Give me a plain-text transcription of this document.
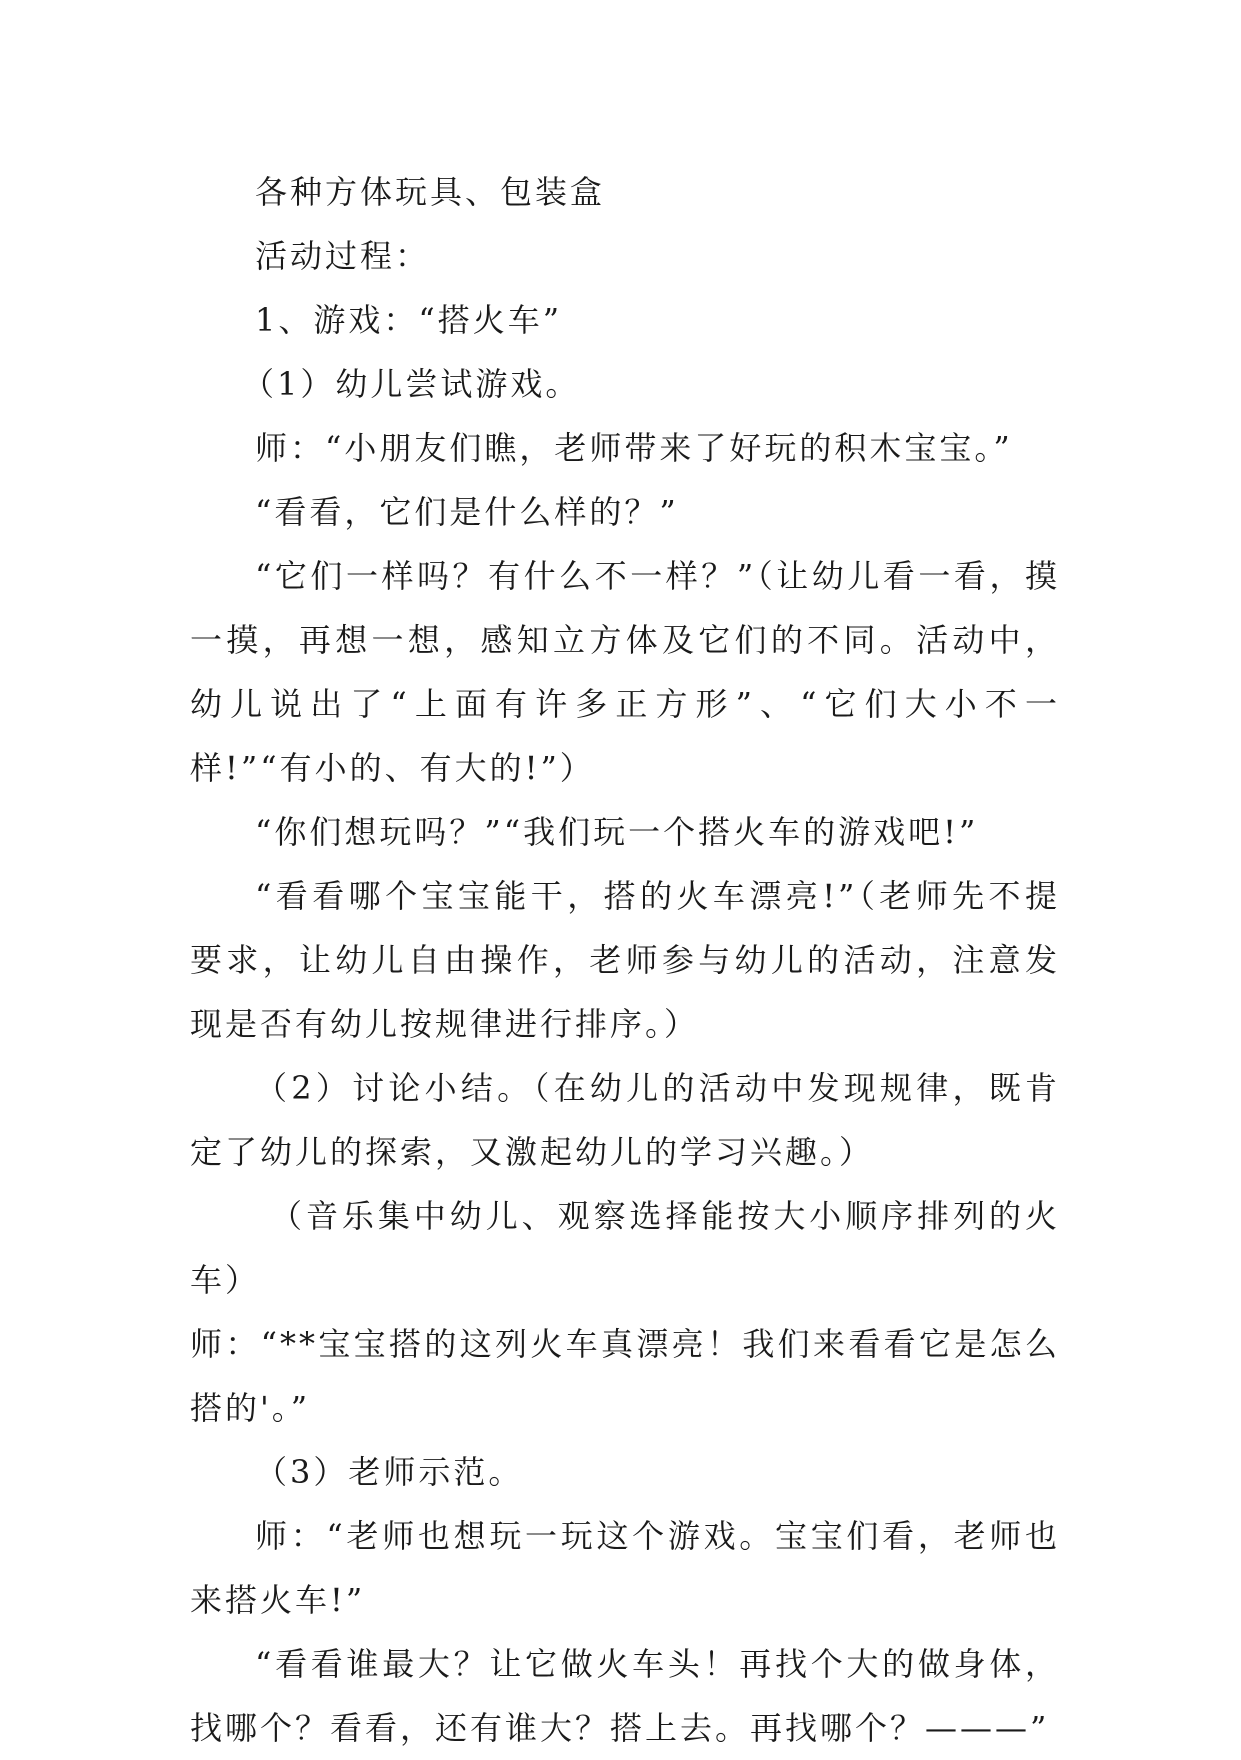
各种方体玩具、包装盒

活动过程：

1、游戏：“搭火车”

（1）幼儿尝试游戏。

师：“小朋友们瞧，老师带来了好玩的积木宝宝。”

“看看，它们是什么样的？”

“它们一样吗？有什么不一样？”（让幼儿看一看，摸一摸，再想一想，感知立方体及它们的不同。活动中，幼儿说出了“上面有许多正方形”、“它们大小不一样!”“有小的、有大的!”）

“你们想玩吗？”“我们玩一个搭火车的游戏吧!”

“看看哪个宝宝能干，搭的火车漂亮!”（老师先不提要求，让幼儿自由操作，老师参与幼儿的活动，注意发现是否有幼儿按规律进行排序。）

（2）讨论小结。（在幼儿的活动中发现规律，既肯定了幼儿的探索，又激起幼儿的学习兴趣。）

（音乐集中幼儿、观察选择能按大小顺序排列的火车）

师：“**宝宝搭的这列火车真漂亮！我们来看看它是怎么搭的'。”

（3）老师示范。

师：“老师也想玩一玩这个游戏。宝宝们看，老师也来搭火车!”

“看看谁最大？让它做火车头！再找个大的做身体，找哪个？看看，还有谁大？搭上去。再找哪个？———”
